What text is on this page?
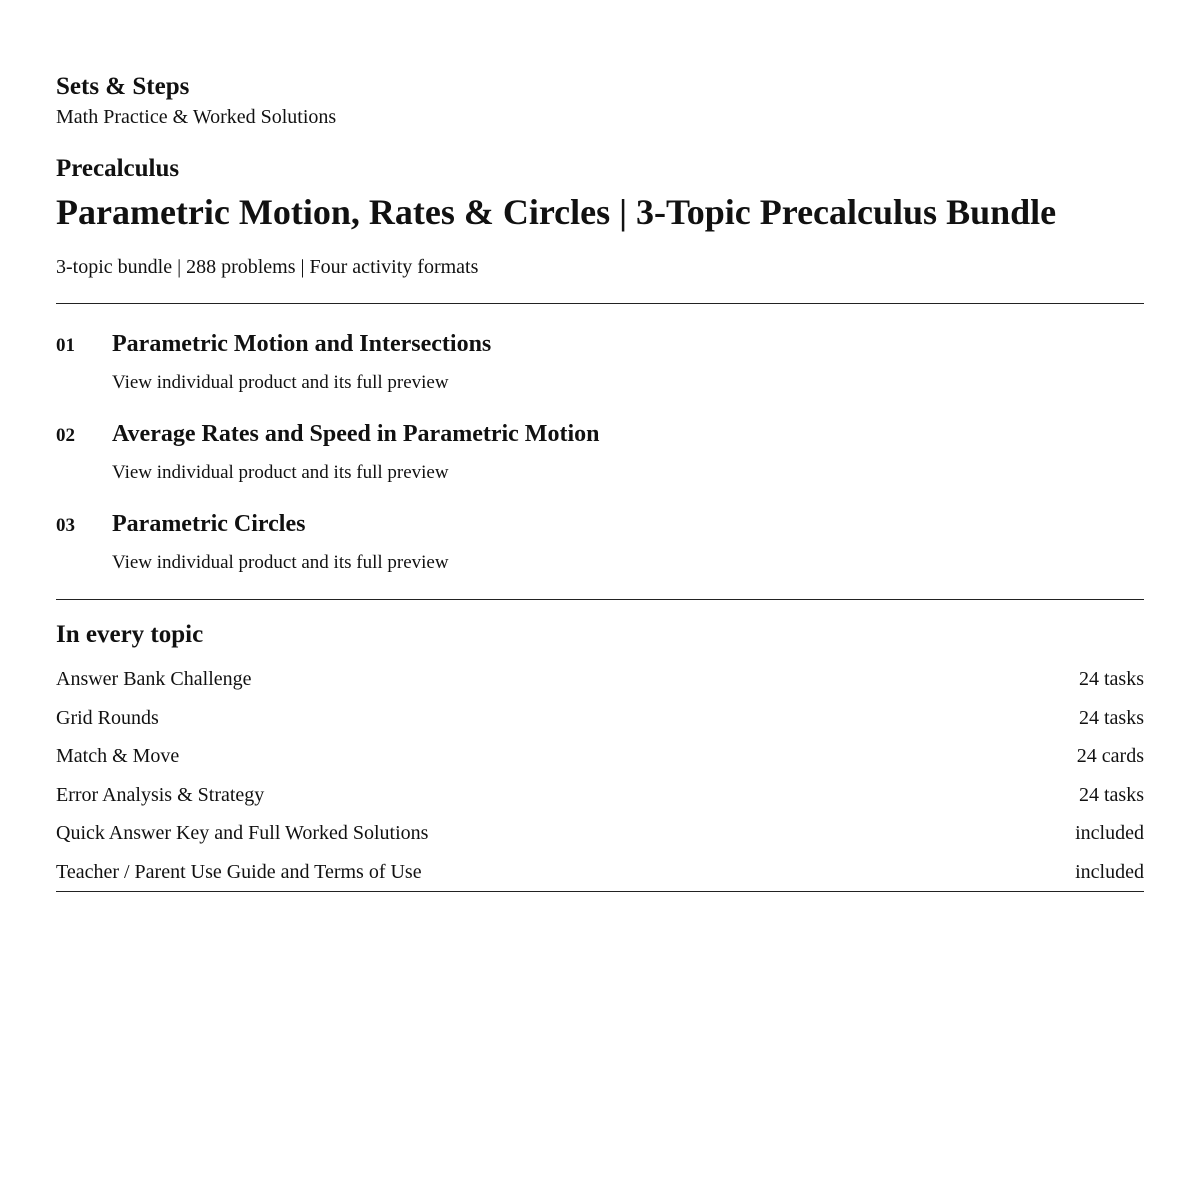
Sets & Steps

Math Practice & Worked Solutions

Precalculus

Parametric Motion, Rates & Circles | 3-Topic Precalculus Bundle

3-topic bundle | 288 problems | Four activity formats

01	Parametric Motion and Intersections
View individual product and its full preview
02	Average Rates and Speed in Parametric Motion
View individual product and its full preview
03	Parametric Circles
View individual product and its full preview
In every topic
Answer Bank Challenge	24 tasks
Grid Rounds	24 tasks
Match & Move	24 cards
Error Analysis & Strategy	24 tasks
Quick Answer Key and Full Worked Solutions	included
Teacher / Parent Use Guide and Terms of Use	included
